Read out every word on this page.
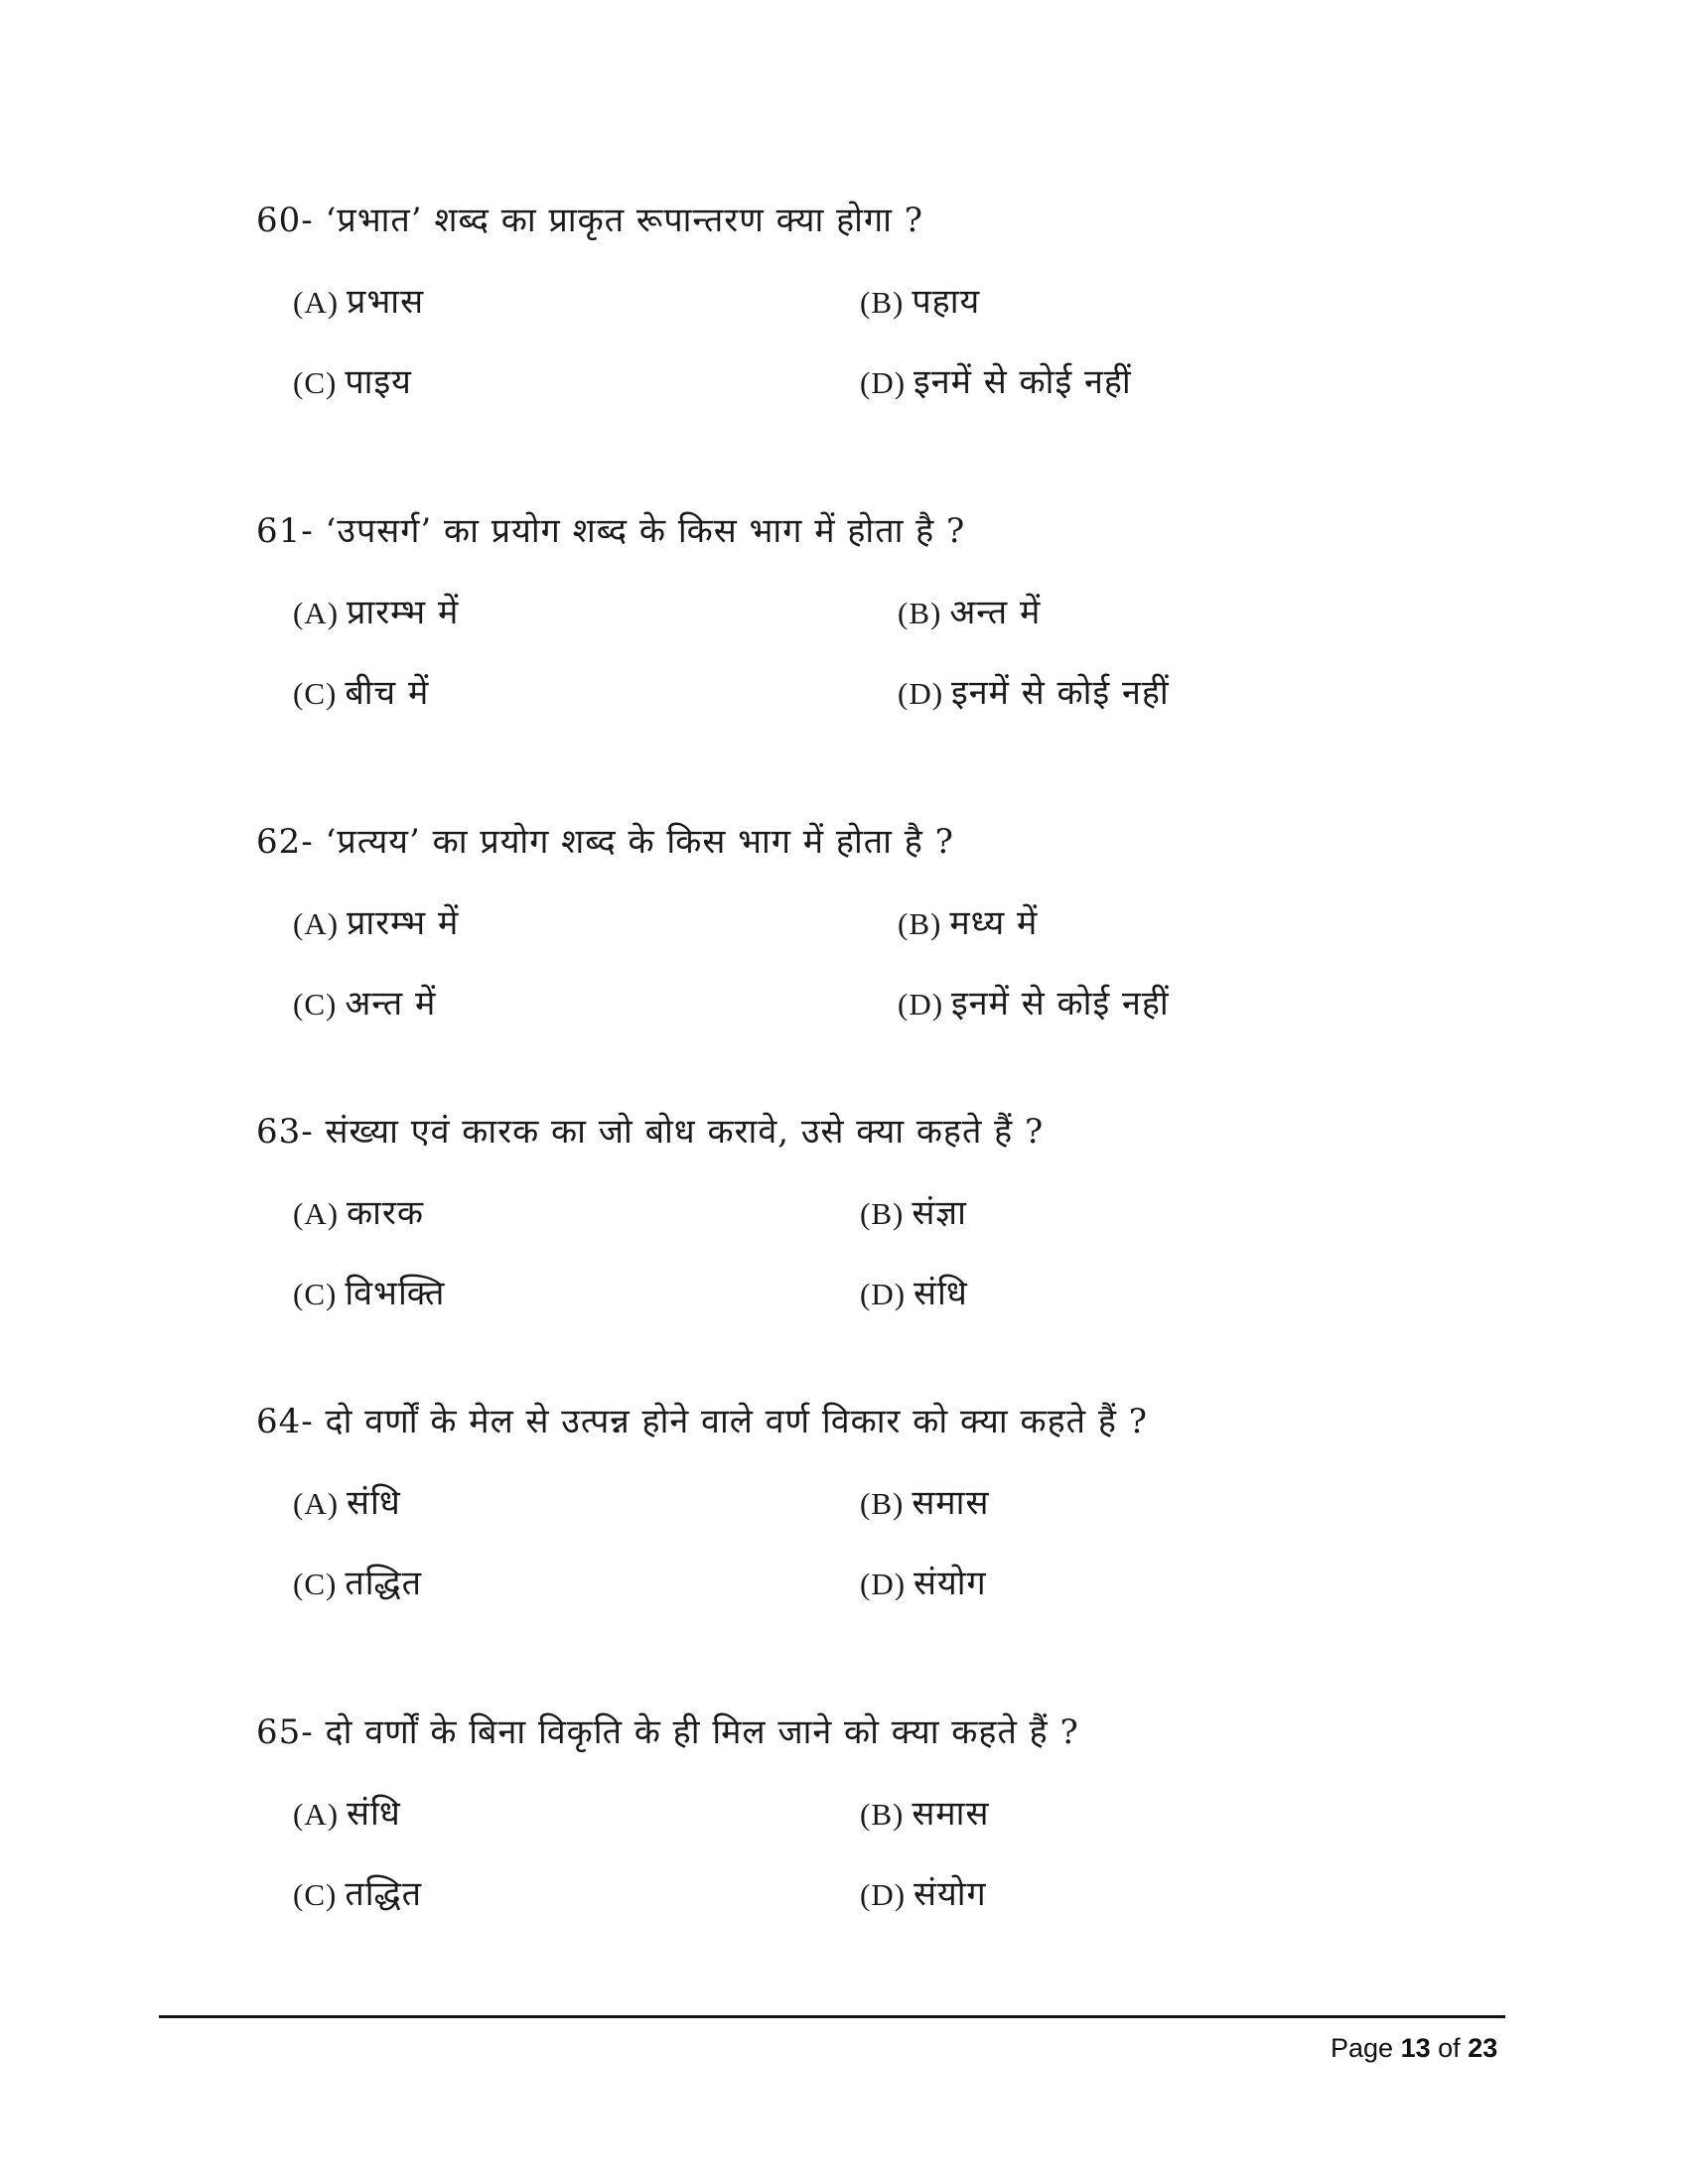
60- ‘प्रभात’ शब्द का प्राकृत रूपान्तरण क्या होगा ?
(A) प्रभास	(B) पहाय
(C) पाइय	(D) इनमें से कोई नहीं
61- ‘उपसर्ग’ का प्रयोग शब्द के किस भाग में होता है ?
(A) प्रारम्भ में	(B) अन्त में
(C) बीच में	(D) इनमें से कोई नहीं
62- ‘प्रत्यय’ का प्रयोग शब्द के किस भाग में होता है ?
(A) प्रारम्भ में	(B) मध्य में
(C) अन्त में	(D) इनमें से कोई नहीं
63- संख्या एवं कारक का जो बोध करावे, उसे क्या कहते हैं ?
(A) कारक	(B) संज्ञा
(C) विभक्ति	(D) संधि
64- दो वर्णों के मेल से उत्पन्न होने वाले वर्ण विकार को क्या कहते हैं ?
(A) संधि	(B) समास
(C) तद्धित	(D) संयोग
65- दो वर्णों के बिना विकृति के ही मिल जाने को क्या कहते हैं ?
(A) संधि	(B) समास
(C) तद्धित	(D) संयोग
Page 13 of 23
